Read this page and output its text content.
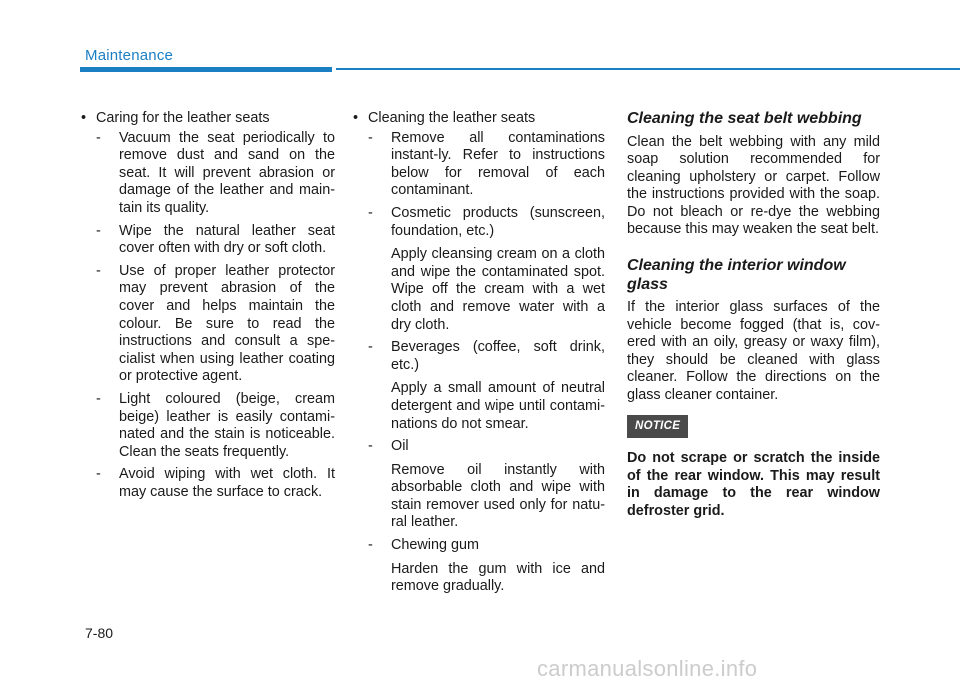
Maintenance
• Caring for the leather seats
- Vacuum the seat periodically to remove dust and sand on the seat. It will prevent abrasion or damage of the leather and main-tain its quality.

- Wipe the natural leather seat cover often with dry or soft cloth.

- Use of proper leather protector may prevent abrasion of the cover and helps maintain the colour. Be sure to read the instructions and consult a spe-cialist when using leather coating or protective agent.

- Light coloured (beige, cream beige) leather is easily contami-nated and the stain is noticeable. Clean the seats frequently.

- Avoid wiping with wet cloth. It may cause the surface to crack.

• Cleaning the leather seats
- Remove all contaminations instant-ly. Refer to instructions below for removal of each contaminant.

- Cosmetic products (sunscreen, foundation, etc.)

Apply cleansing cream on a cloth and wipe the contaminated spot. Wipe off the cream with a wet cloth and remove water with a dry cloth.

- Beverages (coffee, soft drink, etc.)

Apply a small amount of neutral detergent and wipe until contami-nations do not smear.

- Oil

Remove oil instantly with absorbable cloth and wipe with stain remover used only for natu-ral leather.

- Chewing gum

Harden the gum with ice and remove gradually.

Cleaning the seat belt webbing

Clean the belt webbing with any mild soap solution recommended for cleaning upholstery or carpet. Follow the instructions provided with the soap. Do not bleach or re-dye the webbing because this may weaken the seat belt.

Cleaning the interior window glass

If the interior glass surfaces of the vehicle become fogged (that is, cov-ered with an oily, greasy or waxy film), they should be cleaned with glass cleaner. Follow the directions on the glass cleaner container.

NOTICE

Do not scrape or scratch the inside of the rear window. This may result in damage to the rear window defroster grid.

7-80
carmanualsonline.info
